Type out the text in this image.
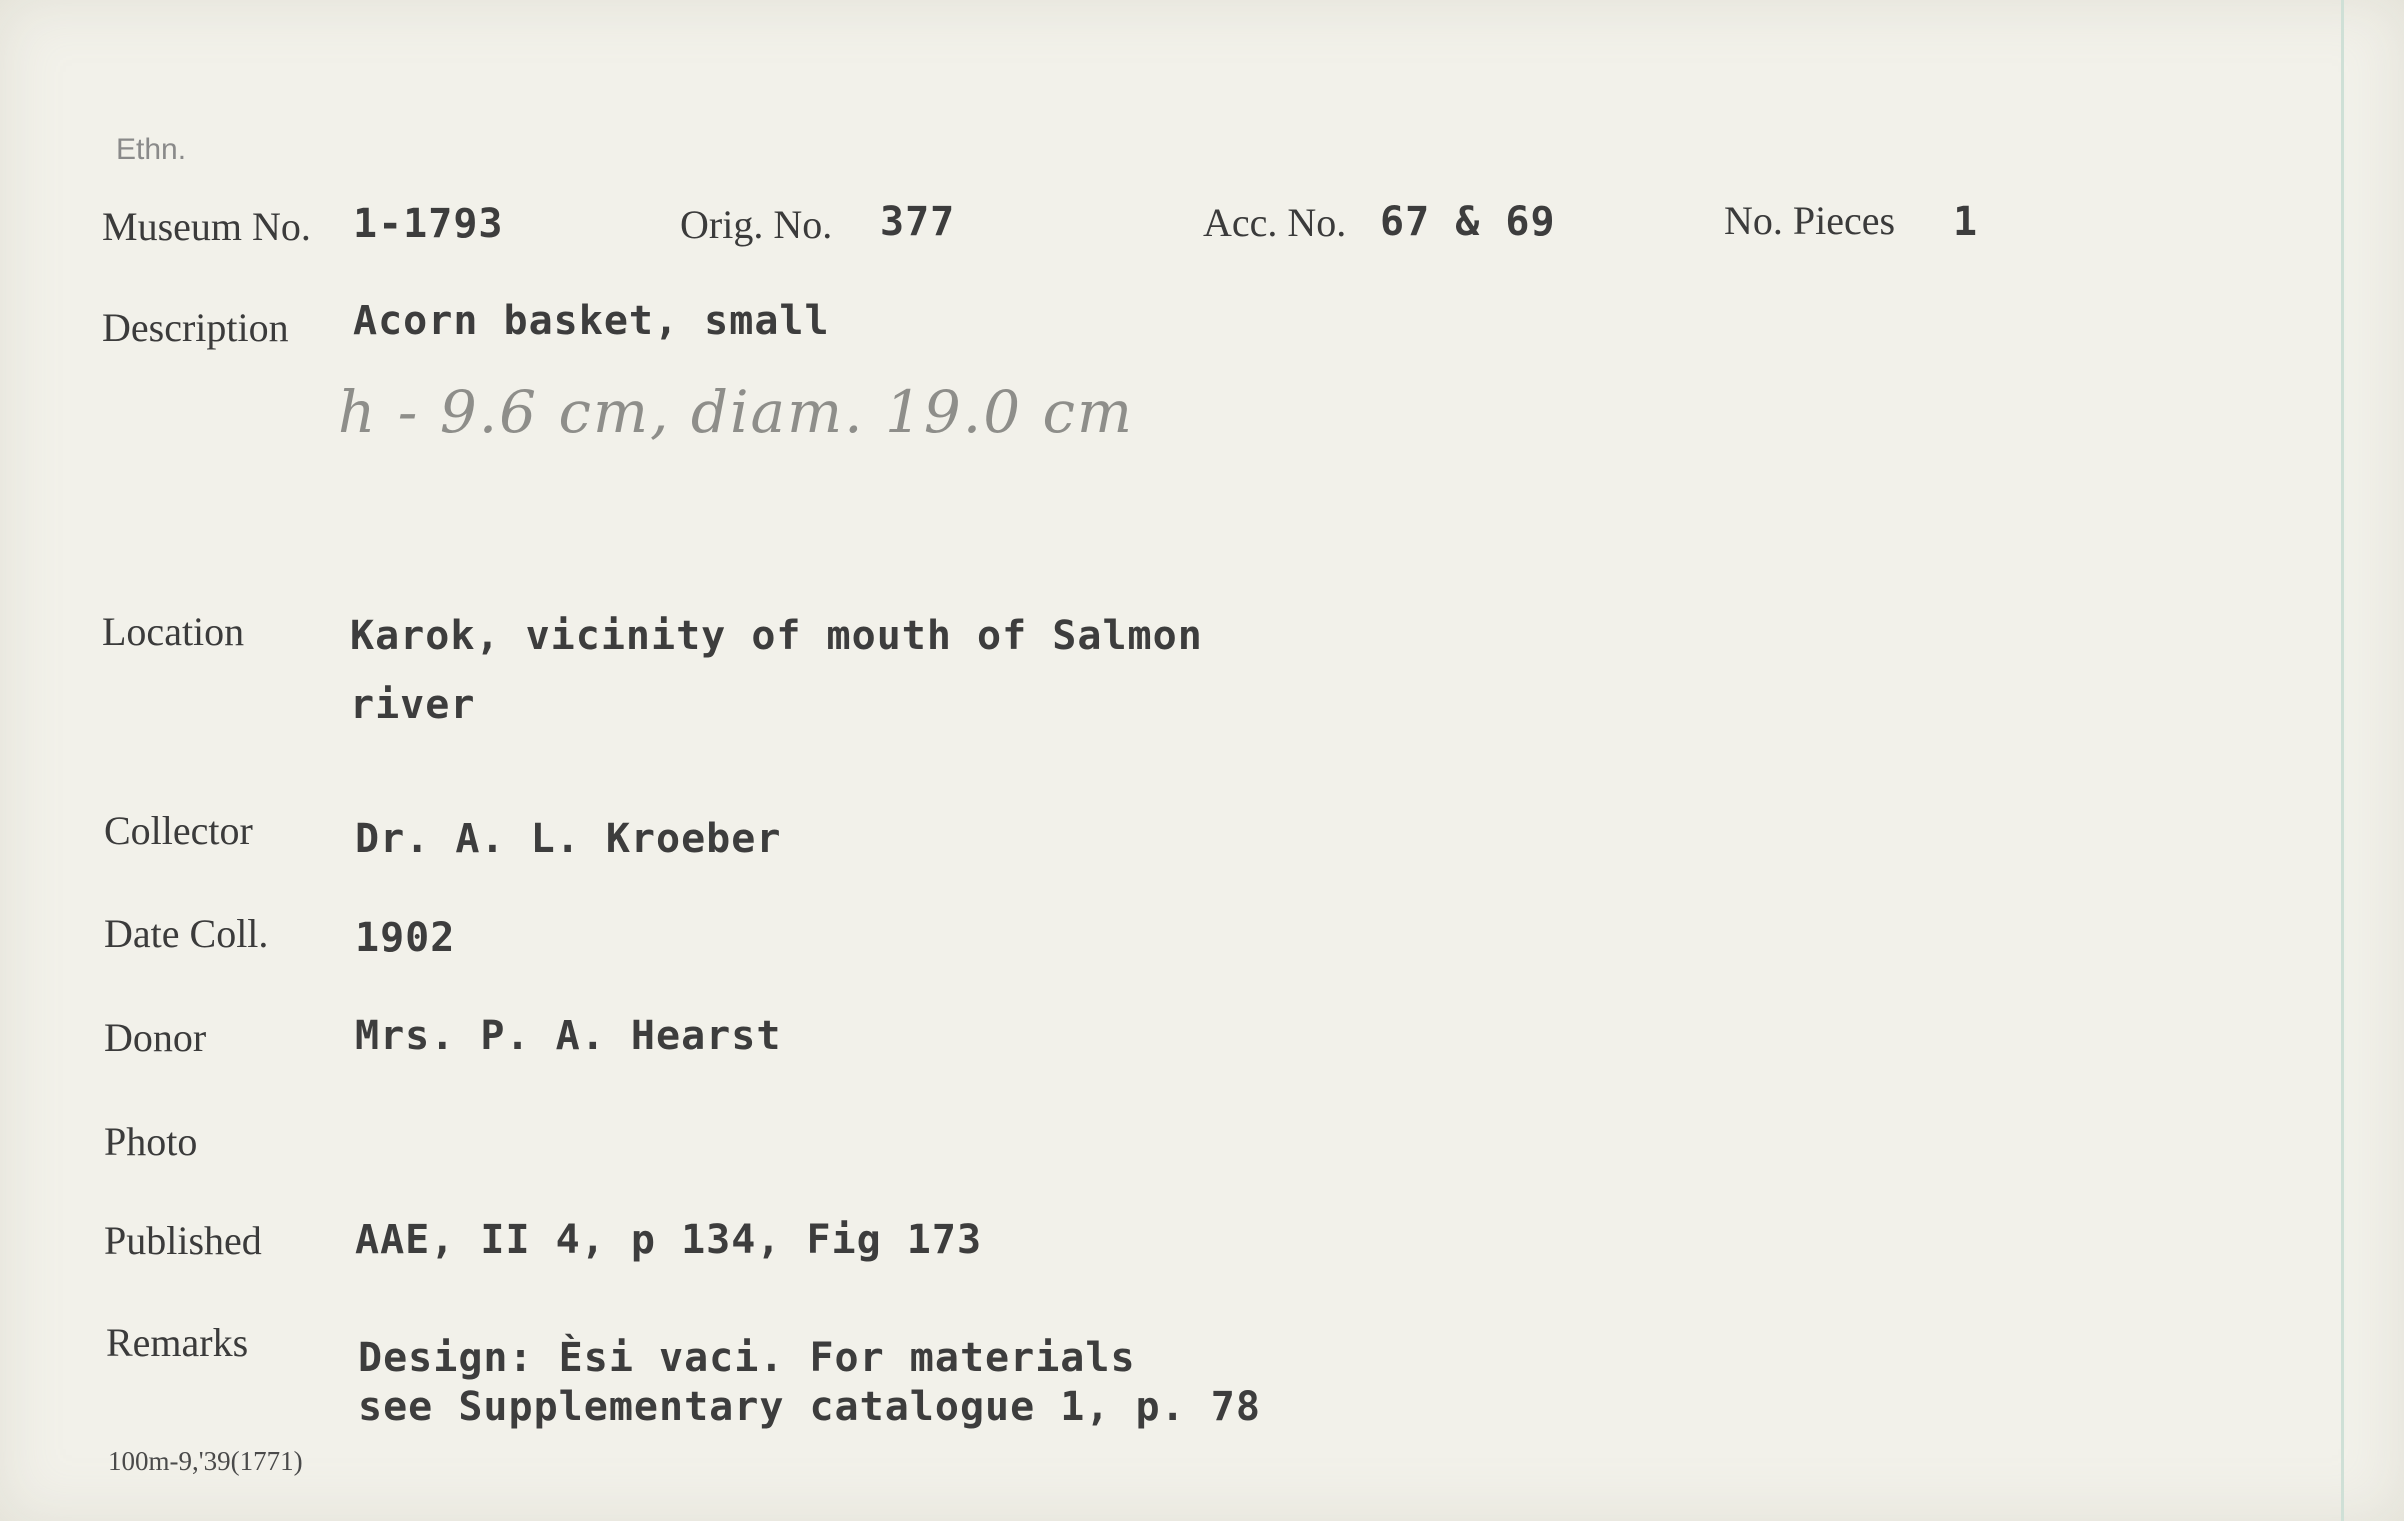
Ethn.
Museum No. 1-1793	Orig. No. 377	Acc. No. 67 & 69	No. Pieces 1
Description Acorn basket, small
h - 9.6 cm, diam. 19.0 cm
Location	Karok, vicinity of mouth of Salmon
river
Collector	Dr. A. L. Kroeber
Date Coll. 1902
Donor	Mrs. P. A. Hearst
Photo
Published AAE, II 4, p 134, Fig 173
Remarks	Design: Ѐsi vaci. For materials
see Supplementary catalogue 1, p. 78
100m-9,'39(1771)
